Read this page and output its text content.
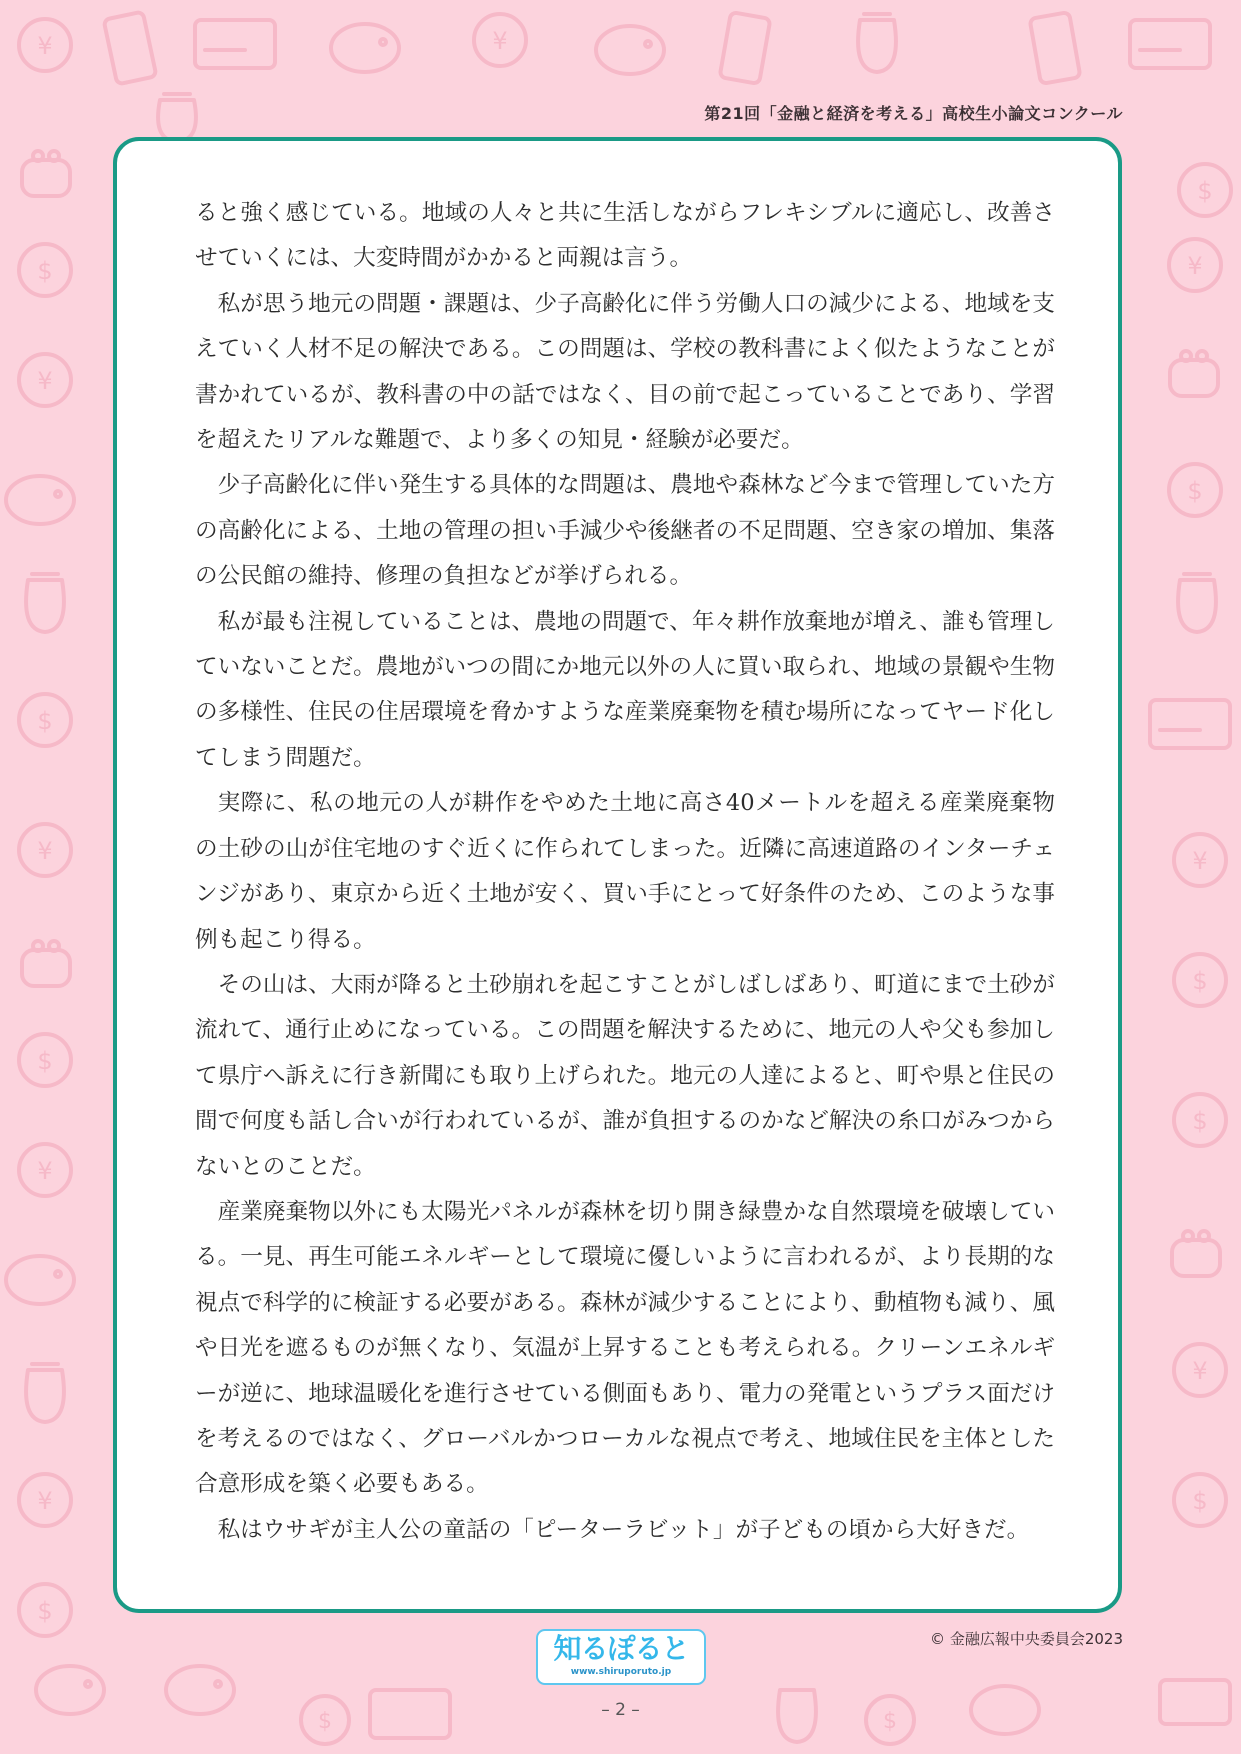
¥
$
¥
$
¥
$
¥
¥
$
$
¥
$
¥
$
$
¥
$
¥
$	$
第21回「金融と経済を考える」高校生小論文コンクール

ると強く感じている。地域の人々と共に生活しながらフレキシブルに適応し、改善させていくには、大変時間がかかると両親は言う。

私が思う地元の問題・課題は、少子高齢化に伴う労働人口の減少による、地域を支えていく人材不足の解決である。この問題は、学校の教科書によく似たようなことが書かれているが、教科書の中の話ではなく、目の前で起こっていることであり、学習を超えたリアルな難題で、より多くの知見・経験が必要だ。

少子高齢化に伴い発生する具体的な問題は、農地や森林など今まで管理していた方の高齢化による、土地の管理の担い手減少や後継者の不足問題、空き家の増加、集落の公民館の維持、修理の負担などが挙げられる。

私が最も注視していることは、農地の問題で、年々耕作放棄地が増え、誰も管理していないことだ。農地がいつの間にか地元以外の人に買い取られ、地域の景観や生物の多様性、住民の住居環境を脅かすような産業廃棄物を積む場所になってヤード化してしまう問題だ。

実際に、私の地元の人が耕作をやめた土地に高さ40メートルを超える産業廃棄物の土砂の山が住宅地のすぐ近くに作られてしまった。近隣に高速道路のインターチェンジがあり、東京から近く土地が安く、買い手にとって好条件のため、このような事例も起こり得る。

その山は、大雨が降ると土砂崩れを起こすことがしばしばあり、町道にまで土砂が流れて、通行止めになっている。この問題を解決するために、地元の人や父も参加して県庁へ訴えに行き新聞にも取り上げられた。地元の人達によると、町や県と住民の間で何度も話し合いが行われているが、誰が負担するのかなど解決の糸口がみつからないとのことだ。

産業廃棄物以外にも太陽光パネルが森林を切り開き緑豊かな自然環境を破壊している。一見、再生可能エネルギーとして環境に優しいように言われるが、より長期的な視点で科学的に検証する必要がある。森林が減少することにより、動植物も減り、風や日光を遮るものが無くなり、気温が上昇することも考えられる。クリーンエネルギーが逆に、地球温暖化を進行させている側面もあり、電力の発電というプラス面だけを考えるのではなく、グローバルかつローカルな視点で考え、地域住民を主体とした合意形成を築く必要もある。

私はウサギが主人公の童話の「ピーターラビット」が子どもの頃から大好きだ。

知るぽると
www.shiruporuto.jp
© 金融広報中央委員会2023
– 2 –
